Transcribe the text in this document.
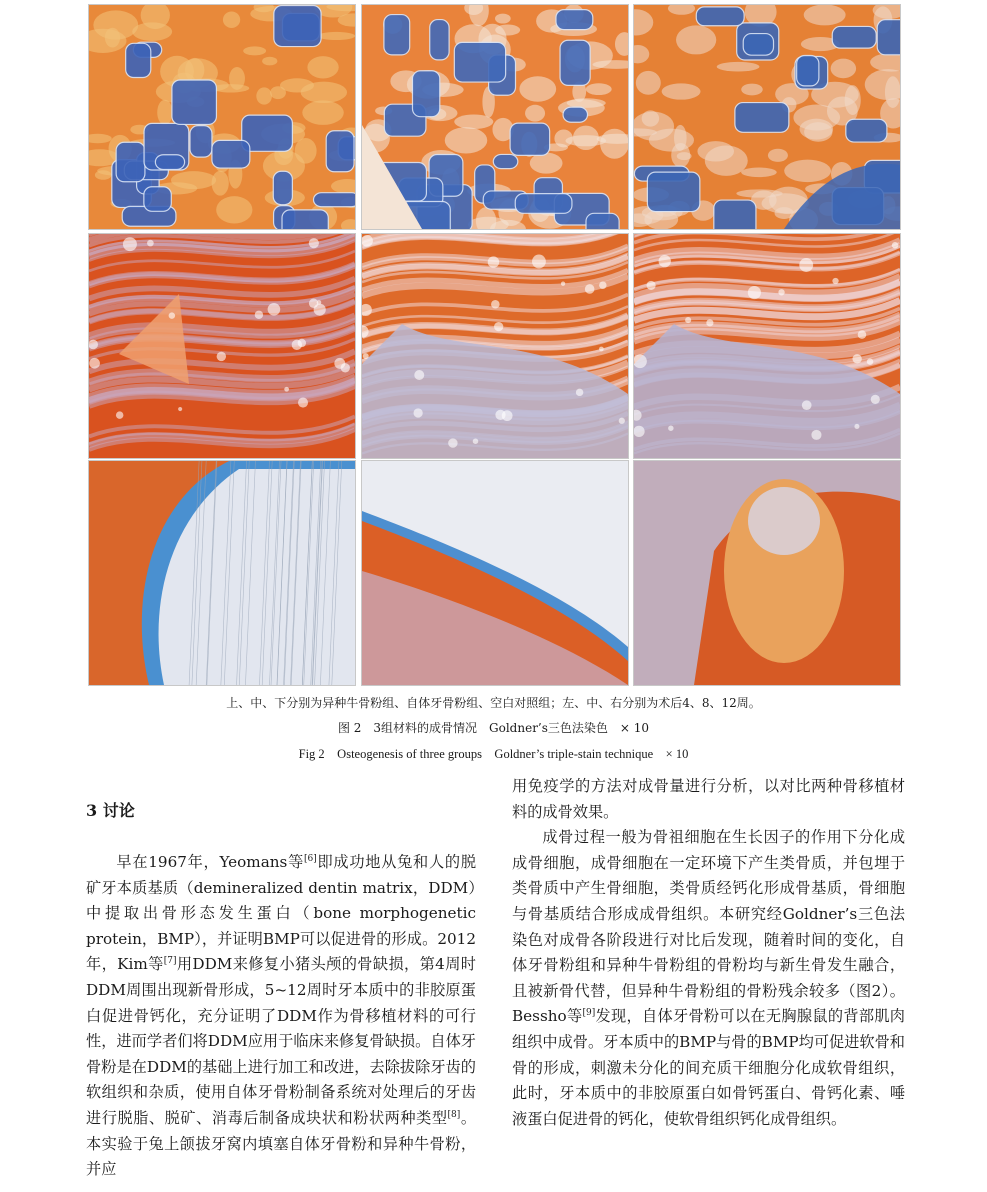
上、中、下分别为异种牛骨粉组、自体牙骨粉组、空白对照组；左、中、右分别为术后4、8、12周。
图 2　3组材料的成骨情况　Goldner’s三色法染色　× 10
Fig 2　Osteogenesis of three groups　Goldner’s triple-stain technique　× 10
3 讨论

早在1967年，Yeomans等[6]即成功地从兔和人的脱矿牙本质基质（demineralized dentin matrix，DDM）中提取出骨形态发生蛋白（bone morphogenetic protein，BMP），并证明BMP可以促进骨的形成。2012年，Kim等[7]用DDM来修复小猪头颅的骨缺损，第4周时DDM周围出现新骨形成，5~12周时牙本质中的非胶原蛋白促进骨钙化，充分证明了DDM作为骨移植材料的可行性，进而学者们将DDM应用于临床来修复骨缺损。自体牙骨粉是在DDM的基础上进行加工和改进，去除拔除牙齿的软组织和杂质，使用自体牙骨粉制备系统对处理后的牙齿进行脱脂、脱矿、消毒后制备成块状和粉状两种类型[8]。本实验于兔上颌拔牙窝内填塞自体牙骨粉和异种牛骨粉，并应

用免疫学的方法对成骨量进行分析，以对比两种骨移植材料的成骨效果。

成骨过程一般为骨祖细胞在生长因子的作用下分化成成骨细胞，成骨细胞在一定环境下产生类骨质，并包埋于类骨质中产生骨细胞，类骨质经钙化形成骨基质，骨细胞与骨基质结合形成成骨组织。本研究经Goldner’s三色法染色对成骨各阶段进行对比后发现，随着时间的变化，自体牙骨粉组和异种牛骨粉组的骨粉均与新生骨发生融合，且被新骨代替，但异种牛骨粉组的骨粉残余较多（图2）。Bessho等[9]发现，自体牙骨粉可以在无胸腺鼠的背部肌肉组织中成骨。牙本质中的BMP与骨的BMP均可促进软骨和骨的形成，刺激未分化的间充质干细胞分化成软骨组织，此时，牙本质中的非胶原蛋白如骨钙蛋白、骨钙化素、唾液蛋白促进骨的钙化，使软骨组织钙化成骨组织。
